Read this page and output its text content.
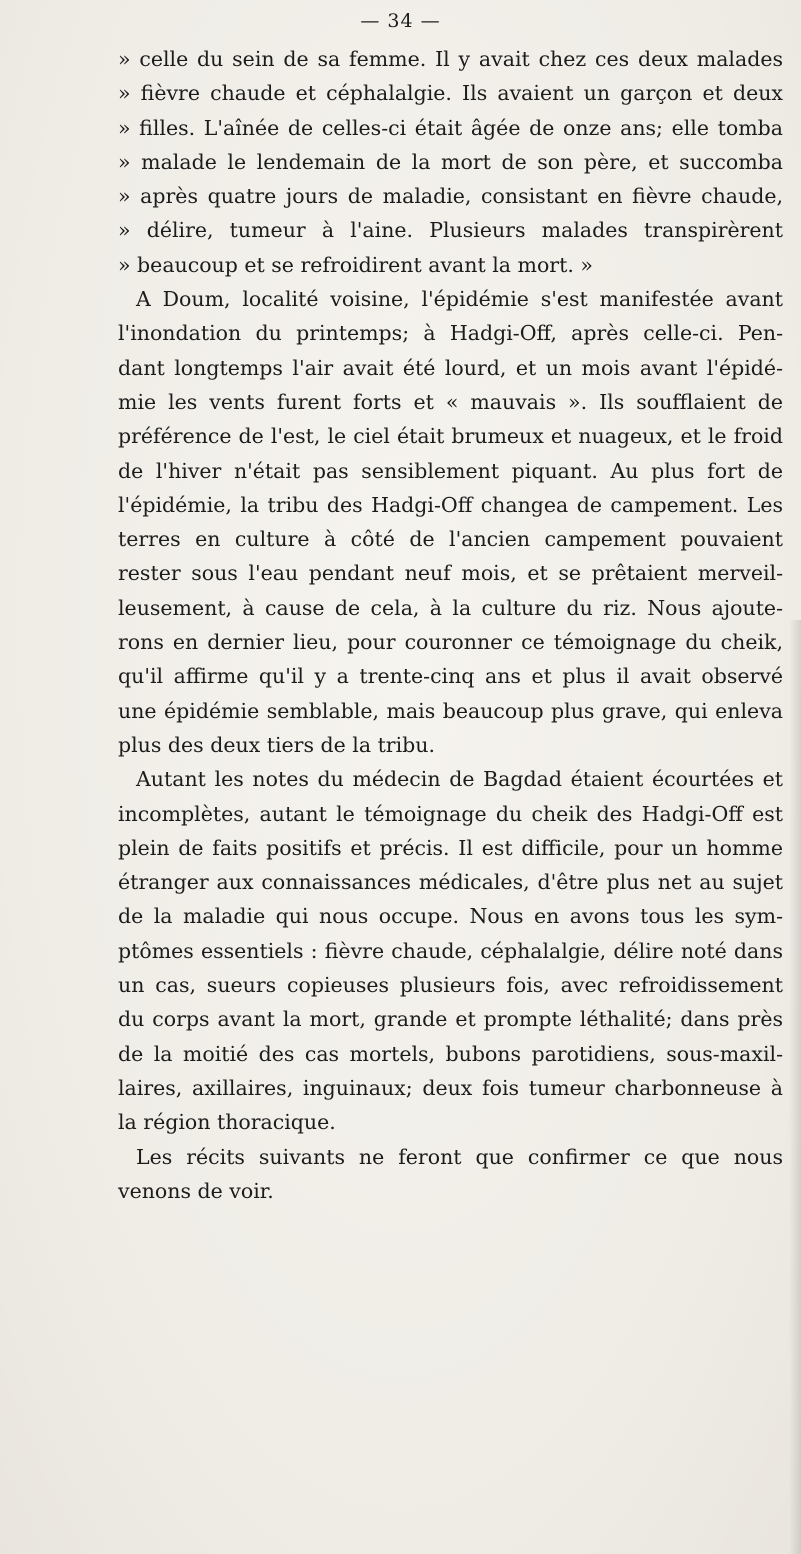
— 34 —
» celle du sein de sa femme. Il y avait chez ces deux malades
» fièvre chaude et céphalalgie. Ils avaient un garçon et deux
» filles. L'aînée de celles-ci était âgée de onze ans; elle tomba
» malade le lendemain de la mort de son père, et succomba
» après quatre jours de maladie, consistant en fièvre chaude,
» délire, tumeur à l'aine. Plusieurs malades transpirèrent
» beaucoup et se refroidirent avant la mort. »
A Doum, localité voisine, l'épidémie s'est manifestée avant
l'inondation du printemps; à Hadgi-Off, après celle-ci. Pen-
dant longtemps l'air avait été lourd, et un mois avant l'épidé-
mie les vents furent forts et « mauvais ». Ils soufflaient de
préférence de l'est, le ciel était brumeux et nuageux, et le froid
de l'hiver n'était pas sensiblement piquant. Au plus fort de
l'épidémie, la tribu des Hadgi-Off changea de campement. Les
terres en culture à côté de l'ancien campement pouvaient
rester sous l'eau pendant neuf mois, et se prêtaient merveil-
leusement, à cause de cela, à la culture du riz. Nous ajoute-
rons en dernier lieu, pour couronner ce témoignage du cheik,
qu'il affirme qu'il y a trente-cinq ans et plus il avait observé
une épidémie semblable, mais beaucoup plus grave, qui enleva
plus des deux tiers de la tribu.
Autant les notes du médecin de Bagdad étaient écourtées et
incomplètes, autant le témoignage du cheik des Hadgi-Off est
plein de faits positifs et précis. Il est difficile, pour un homme
étranger aux connaissances médicales, d'être plus net au sujet
de la maladie qui nous occupe. Nous en avons tous les sym-
ptômes essentiels : fièvre chaude, céphalalgie, délire noté dans
un cas, sueurs copieuses plusieurs fois, avec refroidissement
du corps avant la mort, grande et prompte léthalité; dans près
de la moitié des cas mortels, bubons parotidiens, sous-maxil-
laires, axillaires, inguinaux; deux fois tumeur charbonneuse à
la région thoracique.
Les récits suivants ne feront que confirmer ce que nous
venons de voir.
